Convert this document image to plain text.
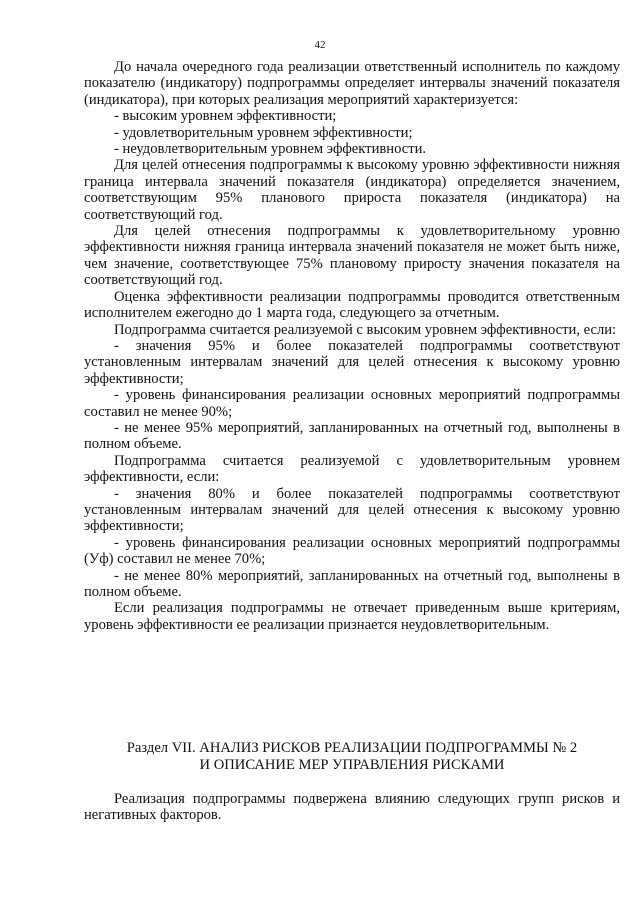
42

До начала очередного года реализации ответственный исполнитель по каждому показателю (индикатору) подпрограммы определяет интервалы значений показателя (индикатора), при которых реализация мероприятий характеризуется:

- высоким уровнем эффективности;

- удовлетворительным уровнем эффективности;

- неудовлетворительным уровнем эффективности.

Для целей отнесения подпрограммы к высокому уровню эффективности нижняя граница интервала значений показателя (индикатора) определяется значением, соответствующим 95% планового прироста показателя (индикатора) на соответствующий год.

Для целей отнесения подпрограммы к удовлетворительному уровню эффективности нижняя граница интервала значений показателя не может быть ниже, чем значение, соответствующее 75% плановому приросту значения показателя на соответствующий год.

Оценка эффективности реализации подпрограммы проводится ответственным исполнителем ежегодно до 1 марта года, следующего за отчетным.

Подпрограмма считается реализуемой с высоким уровнем эффективности, если:

- значения 95% и более показателей подпрограммы соответствуют установленным интервалам значений для целей отнесения к высокому уровню эффективности;

- уровень финансирования реализации основных мероприятий подпрограммы составил не менее 90%;

- не менее 95% мероприятий, запланированных на отчетный год, выполнены в полном объеме.

Подпрограмма считается реализуемой с удовлетворительным уровнем эффективности, если:

- значения 80% и более показателей подпрограммы соответствуют установленным интервалам значений для целей отнесения к высокому уровню эффективности;

- уровень финансирования реализации основных мероприятий подпрограммы (Уф) составил не менее 70%;

- не менее 80% мероприятий, запланированных на отчетный год, выполнены в полном объеме.

Если реализация подпрограммы не отвечает приведенным выше критериям, уровень эффективности ее реализации признается неудовлетворительным.

Раздел VII. АНАЛИЗ РИСКОВ РЕАЛИЗАЦИИ ПОДПРОГРАММЫ № 2
И ОПИСАНИЕ МЕР УПРАВЛЕНИЯ РИСКАМИ

Реализация подпрограммы подвержена влиянию следующих групп рисков и негативных факторов.
